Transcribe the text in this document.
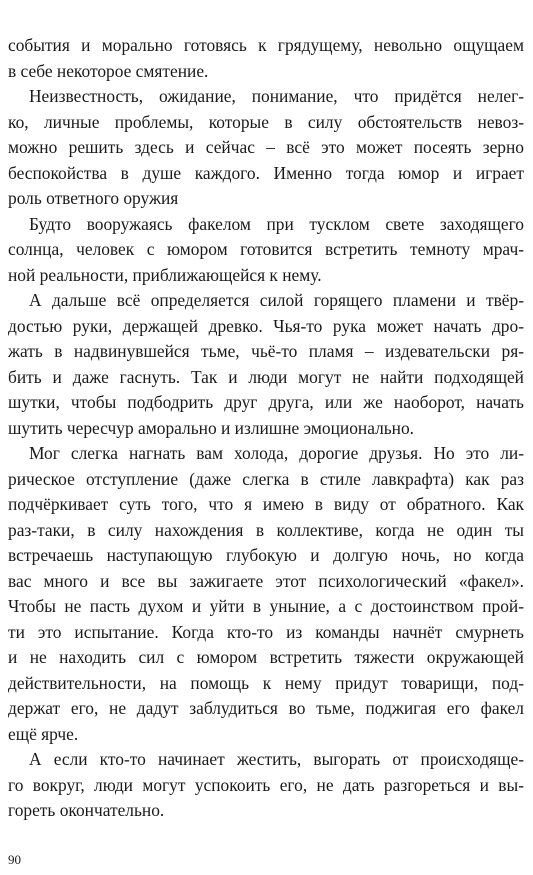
события и морально готовясь к грядущему, невольно ощущаем
в себе некоторое смятение.
Неизвестность, ожидание, понимание, что придётся нелег-
ко, личные проблемы, которые в силу обстоятельств невоз-
можно решить здесь и сейчас – всё это может посеять зерно
беспокойства в душе каждого. Именно тогда юмор и играет
роль ответного оружия
Будто вооружаясь факелом при тусклом свете заходящего
солнца, человек с юмором готовится встретить темноту мрач-
ной реальности, приближающейся к нему.
А дальше всё определяется силой горящего пламени и твёр-
достью руки, держащей древко. Чья-то рука может начать дро-
жать в надвинувшейся тьме, чьё-то пламя – издевательски ря-
бить и даже гаснуть. Так и люди могут не найти подходящей
шутки, чтобы подбодрить друг друга, или же наоборот, начать
шутить чересчур аморально и излишне эмоционально.
Мог слегка нагнать вам холода, дорогие друзья. Но это ли-
рическое отступление (даже слегка в стиле лавкрафта) как раз
подчёркивает суть того, что я имею в виду от обратного. Как
раз-таки, в силу нахождения в коллективе, когда не один ты
встречаешь наступающую глубокую и долгую ночь, но когда
вас много и все вы зажигаете этот психологический «факел».
Чтобы не пасть духом и уйти в уныние, а с достоинством прой-
ти это испытание. Когда кто-то из команды начнёт смурнеть
и не находить сил с юмором встретить тяжести окружающей
действительности, на помощь к нему придут товарищи, под-
держат его, не дадут заблудиться во тьме, поджигая его факел
ещё ярче.
А если кто-то начинает жестить, выгорать от происходяще-
го вокруг, люди могут успокоить его, не дать разгореться и вы-
гореть окончательно.
90
